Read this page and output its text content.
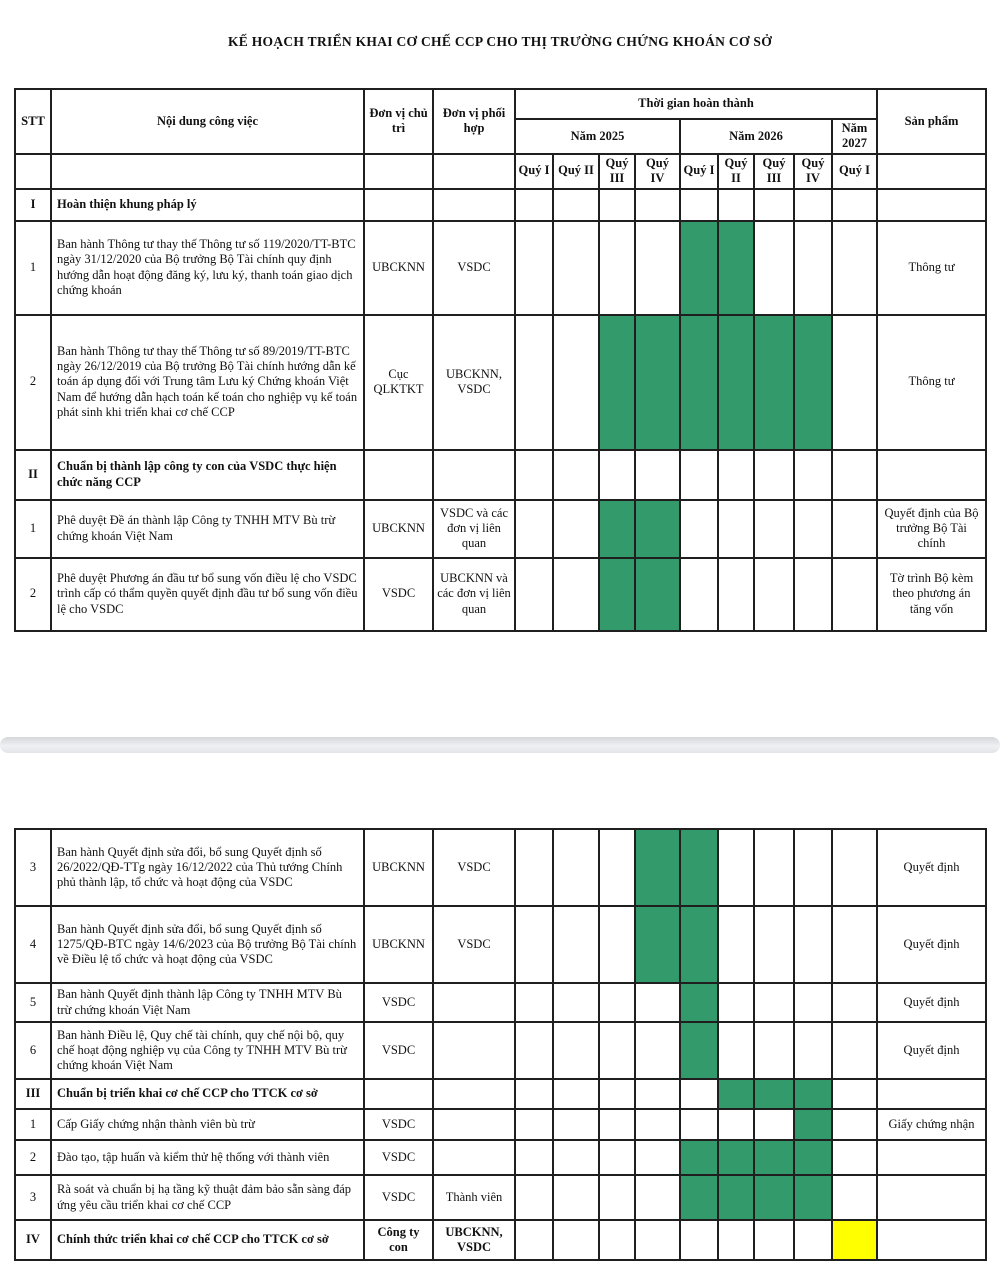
KẾ HOẠCH TRIỂN KHAI CƠ CHẾ CCP CHO THỊ TRƯỜNG CHỨNG KHOÁN CƠ SỞ
STT	Nội dung công việc	Đơn vị chủ trì	Đơn vị phối hợp	Thời gian hoàn thành									Sản phẩm
				Năm 2025				Năm 2026				Năm 2027	
				Quý I	Quý II	Quý III	Quý IV	Quý I	Quý II	Quý III	Quý IV	Quý I	
I	Hoàn thiện khung pháp lý												
1	Ban hành Thông tư thay thế Thông tư số 119/2020/TT-BTC ngày 31/12/2020 của Bộ trưởng Bộ Tài chính quy định hướng dẫn hoạt động đăng ký, lưu ký, thanh toán giao dịch chứng khoán	UBCKNN	VSDC										Thông tư
2	Ban hành Thông tư thay thế Thông tư số 89/2019/TT-BTC ngày 26/12/2019 của Bộ trưởng Bộ Tài chính hướng dẫn kế toán áp dụng đối với Trung tâm Lưu ký Chứng khoán Việt Nam để hướng dẫn hạch toán kế toán cho nghiệp vụ kế toán phát sinh khi triển khai cơ chế CCP	Cục QLKTKT	UBCKNN, VSDC										Thông tư
II	Chuẩn bị thành lập công ty con của VSDC thực hiện chức năng CCP												
1	Phê duyệt Đề án thành lập Công ty TNHH MTV Bù trừ chứng khoán Việt Nam	UBCKNN	VSDC và các đơn vị liên quan										Quyết định của Bộ trưởng Bộ Tài chính
2	Phê duyệt Phương án đầu tư bổ sung vốn điều lệ cho VSDC trình cấp có thẩm quyền quyết định đầu tư bổ sung vốn điều lệ cho VSDC	VSDC	UBCKNN và các đơn vị liên quan										Tờ trình Bộ kèm theo phương án tăng vốn
3	Ban hành Quyết định sửa đổi, bổ sung Quyết định số 26/2022/QĐ-TTg ngày 16/12/2022 của Thủ tướng Chính phủ thành lập, tổ chức và hoạt động của VSDC	UBCKNN	VSDC										Quyết định
4	Ban hành Quyết định sửa đổi, bổ sung Quyết định số 1275/QĐ-BTC ngày 14/6/2023 của Bộ trưởng Bộ Tài chính về Điều lệ tổ chức và hoạt động của VSDC	UBCKNN	VSDC										Quyết định
5	Ban hành Quyết định thành lập Công ty TNHH MTV Bù trừ chứng khoán Việt Nam	VSDC											Quyết định
6	Ban hành Điều lệ, Quy chế tài chính, quy chế nội bộ, quy chế hoạt động nghiệp vụ của Công ty TNHH MTV Bù trừ chứng khoán Việt Nam	VSDC											Quyết định
III	Chuẩn bị triển khai cơ chế CCP cho TTCK cơ sở												
1	Cấp Giấy chứng nhận thành viên bù trừ	VSDC											Giấy chứng nhận
2	Đào tạo, tập huấn và kiểm thử hệ thống với thành viên	VSDC											
3	Rà soát và chuẩn bị hạ tầng kỹ thuật đảm bảo sẵn sàng đáp ứng yêu cầu triển khai cơ chế CCP	VSDC	Thành viên										
IV	Chính thức triển khai cơ chế CCP cho TTCK cơ sở	Công ty con	UBCKNN, VSDC										
